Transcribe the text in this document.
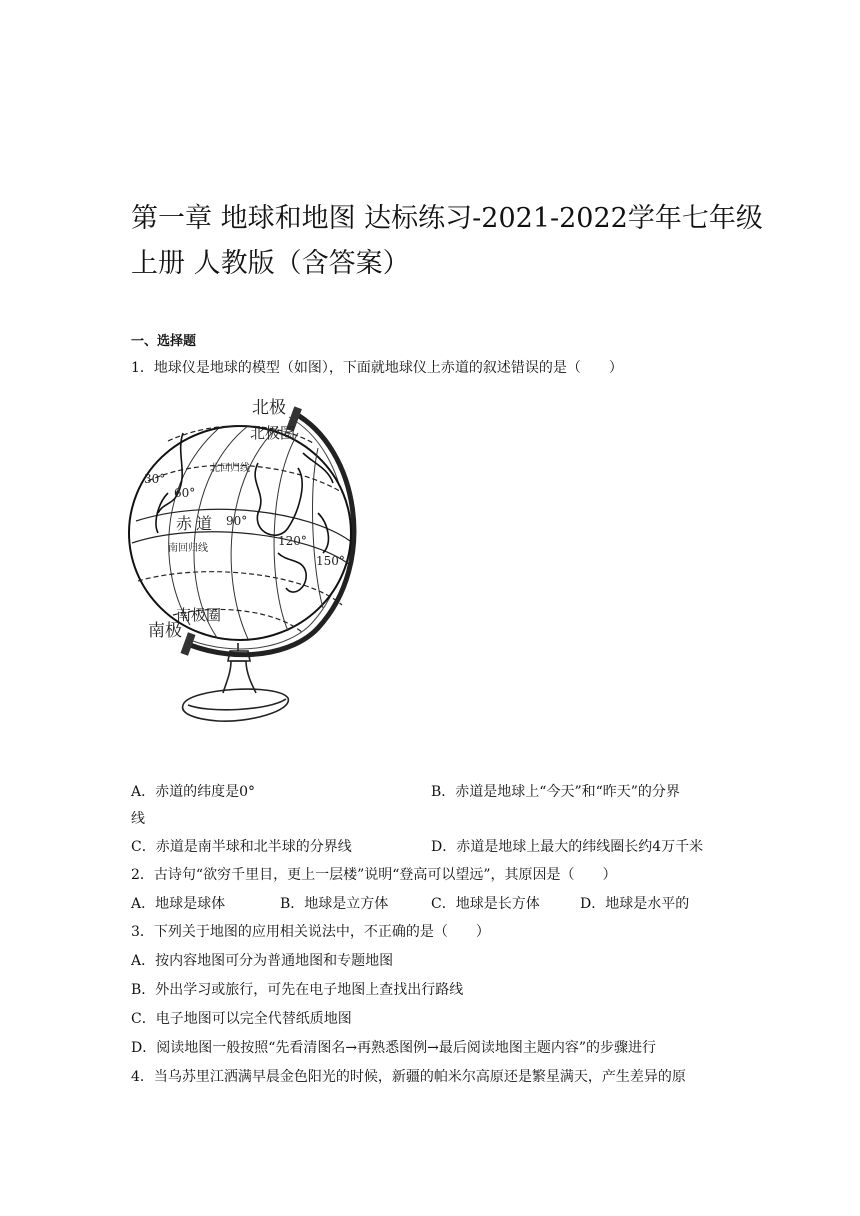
第一章 地球和地图 达标练习-2021-2022学年七年级上册 人教版（含答案）
一、选择题
1．地球仪是地球的模型（如图），下面就地球仪上赤道的叙述错误的是（　　）
北极
北极圈
北回归线
30°
60°
赤道 90°
120°
南回归线
150°
南极圈
南极
A．赤道的纬度是0°	B．赤道是地球上“今天”和“昨天”的分界
线
C．赤道是南半球和北半球的分界线	D．赤道是地球上最大的纬线圈长约4万千米
2．古诗句“欲穷千里目，更上一层楼”说明“登高可以望远”，其原因是（　　）
A．地球是球体	B．地球是立方体	C．地球是长方体	D．地球是水平的
3．下列关于地图的应用相关说法中，不正确的是（　　）
A．按内容地图可分为普通地图和专题地图
B．外出学习或旅行，可先在电子地图上查找出行路线
C．电子地图可以完全代替纸质地图
D．阅读地图一般按照“先看清图名→再熟悉图例→最后阅读地图主题内容”的步骤进行
4．当乌苏里江洒满早晨金色阳光的时候，新疆的帕米尔高原还是繁星满天，产生差异的原
